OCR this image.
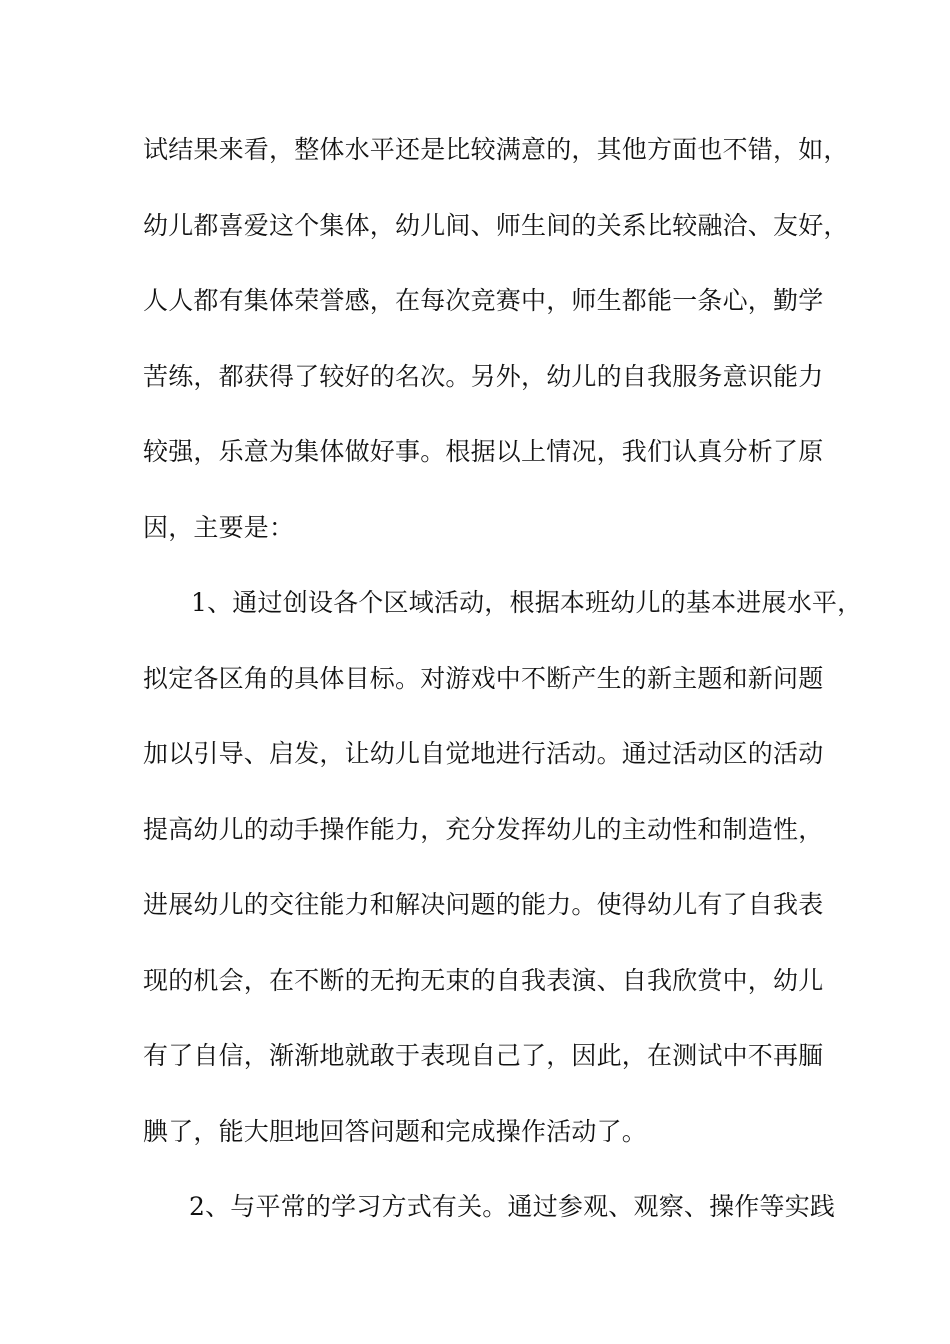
试结果来看，整体水平还是比较满意的，其他方面也不错，如，
幼儿都喜爱这个集体，幼儿间、师生间的关系比较融洽、友好，
人人都有集体荣誉感，在每次竞赛中，师生都能一条心，勤学
苦练，都获得了较好的名次。另外，幼儿的自我服务意识能力
较强，乐意为集体做好事。根据以上情况，我们认真分析了原
因，主要是：
1、通过创设各个区域活动，根据本班幼儿的基本进展水平，
拟定各区角的具体目标。对游戏中不断产生的新主题和新问题
加以引导、启发，让幼儿自觉地进行活动。通过活动区的活动
提高幼儿的动手操作能力，充分发挥幼儿的主动性和制造性，
进展幼儿的交往能力和解决问题的能力。使得幼儿有了自我表
现的机会，在不断的无拘无束的自我表演、自我欣赏中，幼儿
有了自信，渐渐地就敢于表现自己了，因此，在测试中不再腼
腆了，能大胆地回答问题和完成操作活动了。
2、与平常的学习方式有关。通过参观、观察、操作等实践
